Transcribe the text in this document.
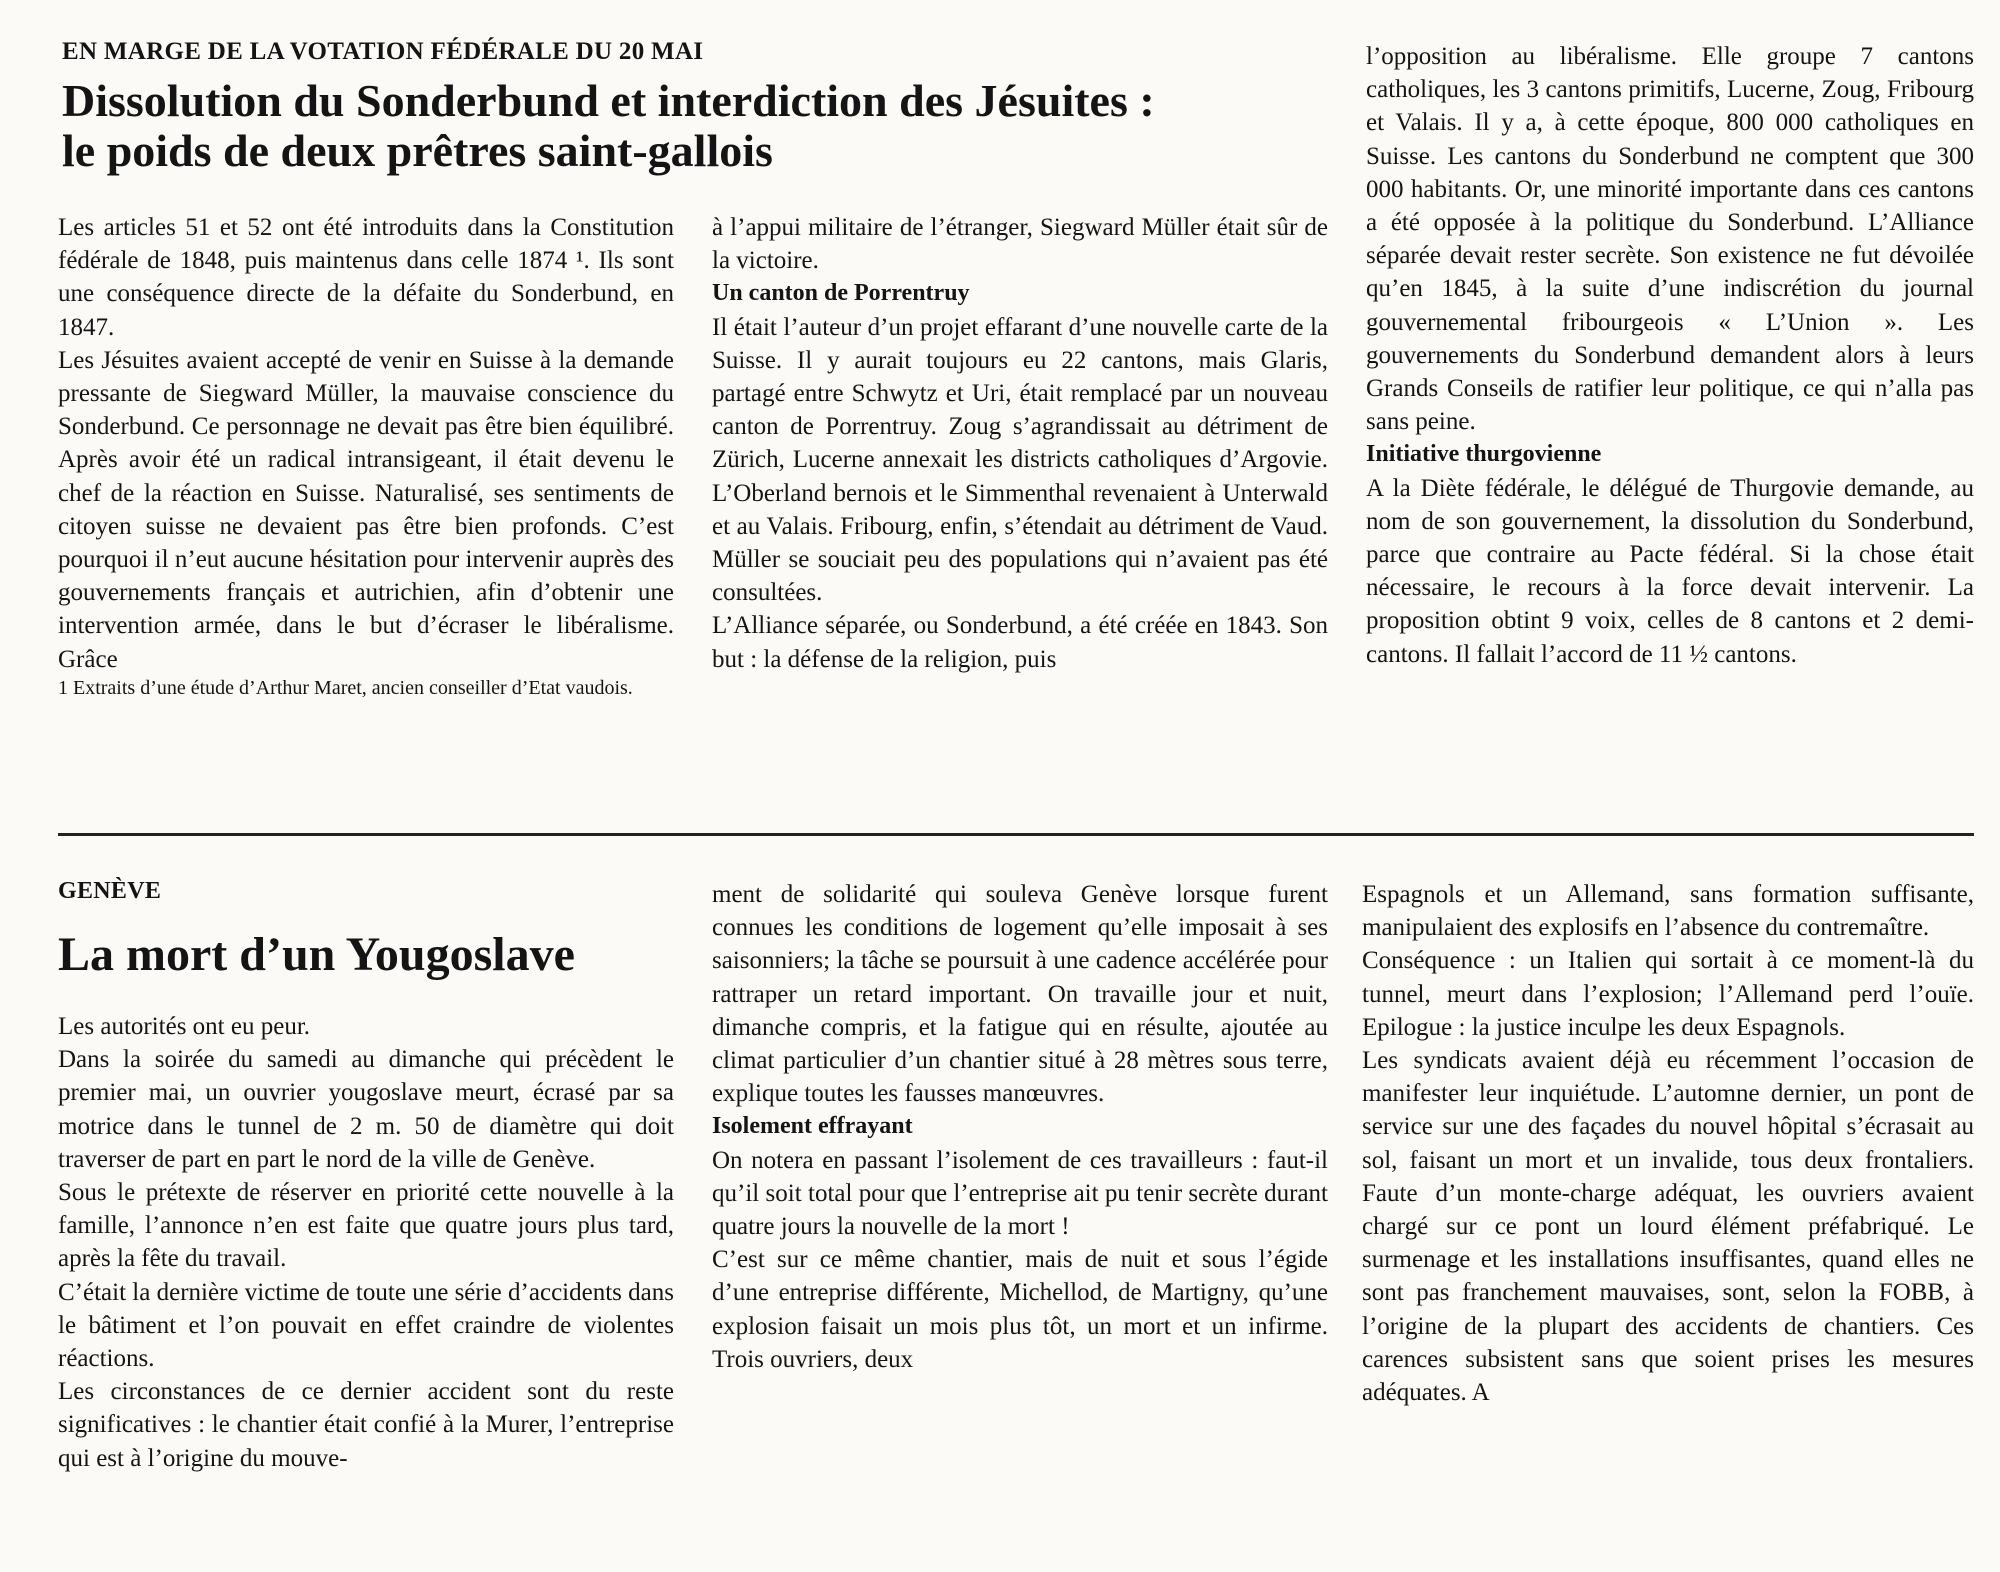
EN MARGE DE LA VOTATION FÉDÉRALE DU 20 MAI

Dissolution du Sonderbund et interdiction des Jésuites :
le poids de deux prêtres saint-gallois

Les articles 51 et 52 ont été introduits dans la Constitution fédérale de 1848, puis maintenus dans celle 1874 ¹. Ils sont une conséquence directe de la défaite du Sonderbund, en 1847.

Les Jésuites avaient accepté de venir en Suisse à la demande pressante de Siegward Müller, la mauvaise conscience du Sonderbund. Ce personnage ne devait pas être bien équilibré. Après avoir été un radical intransigeant, il était devenu le chef de la réaction en Suisse. Naturalisé, ses sentiments de citoyen suisse ne devaient pas être bien profonds. C’est pourquoi il n’eut aucune hésitation pour intervenir auprès des gouvernements français et autrichien, afin d’obtenir une intervention armée, dans le but d’écraser le libéralisme. Grâce

1 Extraits d’une étude d’Arthur Maret, ancien conseiller d’Etat vaudois.

à l’appui militaire de l’étranger, Siegward Müller était sûr de la victoire.

Un canton de Porrentruy

Il était l’auteur d’un projet effarant d’une nouvelle carte de la Suisse. Il y aurait toujours eu 22 cantons, mais Glaris, partagé entre Schwytz et Uri, était remplacé par un nouveau canton de Porrentruy. Zoug s’agrandissait au détriment de Zürich, Lucerne annexait les districts catholiques d’Argovie. L’Oberland bernois et le Simmenthal revenaient à Unterwald et au Valais. Fribourg, enfin, s’étendait au détriment de Vaud. Müller se souciait peu des populations qui n’avaient pas été consultées.

L’Alliance séparée, ou Sonderbund, a été créée en 1843. Son but : la défense de la religion, puis

l’opposition au libéralisme. Elle groupe 7 cantons catholiques, les 3 cantons primitifs, Lucerne, Zoug, Fribourg et Valais. Il y a, à cette époque, 800 000 catholiques en Suisse. Les cantons du Sonderbund ne comptent que 300 000 habitants. Or, une minorité importante dans ces cantons a été opposée à la politique du Sonderbund. L’Alliance séparée devait rester secrète. Son existence ne fut dévoilée qu’en 1845, à la suite d’une indiscrétion du journal gouvernemental fribourgeois « L’Union ». Les gouvernements du Sonderbund demandent alors à leurs Grands Conseils de ratifier leur politique, ce qui n’alla pas sans peine.

Initiative thurgovienne

A la Diète fédérale, le délégué de Thurgovie demande, au nom de son gouvernement, la dissolution du Sonderbund, parce que contraire au Pacte fédéral. Si la chose était nécessaire, le recours à la force devait intervenir. La proposition obtint 9 voix, celles de 8 cantons et 2 demi-cantons. Il fallait l’accord de 11 ½ cantons.

GENÈVE

La mort d’un Yougoslave

Les autorités ont eu peur.

Dans la soirée du samedi au dimanche qui précèdent le premier mai, un ouvrier yougoslave meurt, écrasé par sa motrice dans le tunnel de 2 m. 50 de diamètre qui doit traverser de part en part le nord de la ville de Genève.

Sous le prétexte de réserver en priorité cette nouvelle à la famille, l’annonce n’en est faite que quatre jours plus tard, après la fête du travail.

C’était la dernière victime de toute une série d’accidents dans le bâtiment et l’on pouvait en effet craindre de violentes réactions.

Les circonstances de ce dernier accident sont du reste significatives : le chantier était confié à la Murer, l’entreprise qui est à l’origine du mouve-

ment de solidarité qui souleva Genève lorsque furent connues les conditions de logement qu’elle imposait à ses saisonniers; la tâche se poursuit à une cadence accélérée pour rattraper un retard important. On travaille jour et nuit, dimanche compris, et la fatigue qui en résulte, ajoutée au climat particulier d’un chantier situé à 28 mètres sous terre, explique toutes les fausses manœuvres.

Isolement effrayant

On notera en passant l’isolement de ces travailleurs : faut-il qu’il soit total pour que l’entreprise ait pu tenir secrète durant quatre jours la nouvelle de la mort !

C’est sur ce même chantier, mais de nuit et sous l’égide d’une entreprise différente, Michellod, de Martigny, qu’une explosion faisait un mois plus tôt, un mort et un infirme. Trois ouvriers, deux

Espagnols et un Allemand, sans formation suffisante, manipulaient des explosifs en l’absence du contremaître.

Conséquence : un Italien qui sortait à ce moment-là du tunnel, meurt dans l’explosion; l’Allemand perd l’ouïe. Epilogue : la justice inculpe les deux Espagnols.

Les syndicats avaient déjà eu récemment l’occasion de manifester leur inquiétude. L’automne dernier, un pont de service sur une des façades du nouvel hôpital s’écrasait au sol, faisant un mort et un invalide, tous deux frontaliers. Faute d’un monte-charge adéquat, les ouvriers avaient chargé sur ce pont un lourd élément préfabriqué. Le surmenage et les installations insuffisantes, quand elles ne sont pas franchement mauvaises, sont, selon la FOBB, à l’origine de la plupart des accidents de chantiers. Ces carences subsistent sans que soient prises les mesures adéquates. A
